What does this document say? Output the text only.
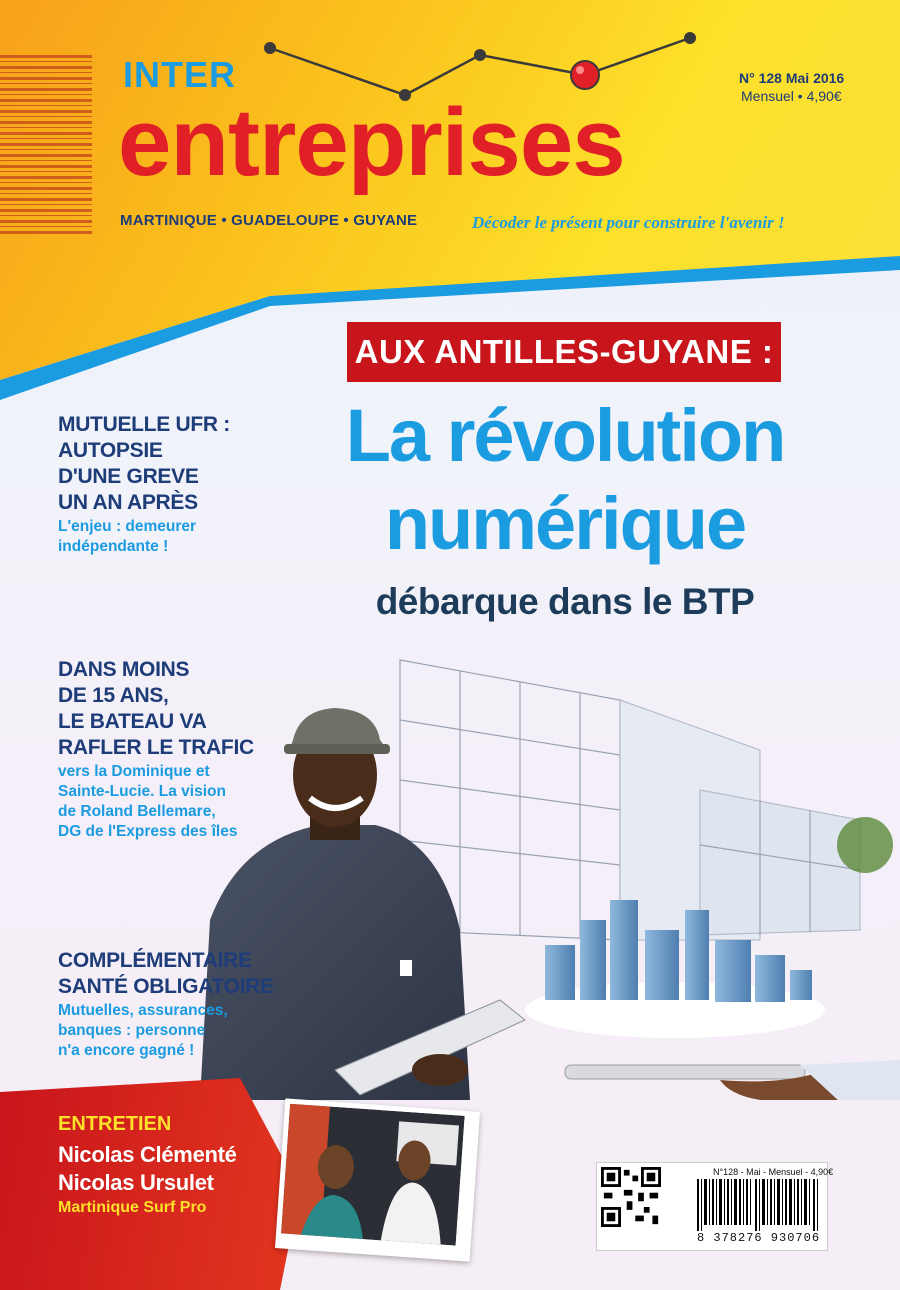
INTER
entreprises
MARTINIQUE • GUADELOUPE • GUYANE	Décoder le présent pour construire l'avenir !
N° 128 Mai 2016
Mensuel • 4,90€
AUX ANTILLES-GUYANE :
La révolution
numérique
débarque dans le BTP
MUTUELLE UFR :
AUTOPSIE
D'UNE GREVE
UN AN APRÈS
L'enjeu : demeurer
indépendante !
DANS MOINS
DE 15 ANS,
LE BATEAU VA
RAFLER LE TRAFIC
vers la Dominique et
Sainte-Lucie. La vision
de Roland Bellemare,
DG de l'Express des îles
COMPLÉMENTAIRE
SANTÉ OBLIGATOIRE
Mutuelles, assurances,
banques : personne
n'a encore gagné !
ENTRETIEN
Nicolas Clémenté
Nicolas Ursulet
Martinique Surf Pro
N°128 - Mai - Mensuel - 4,90€
8 378276 930706
